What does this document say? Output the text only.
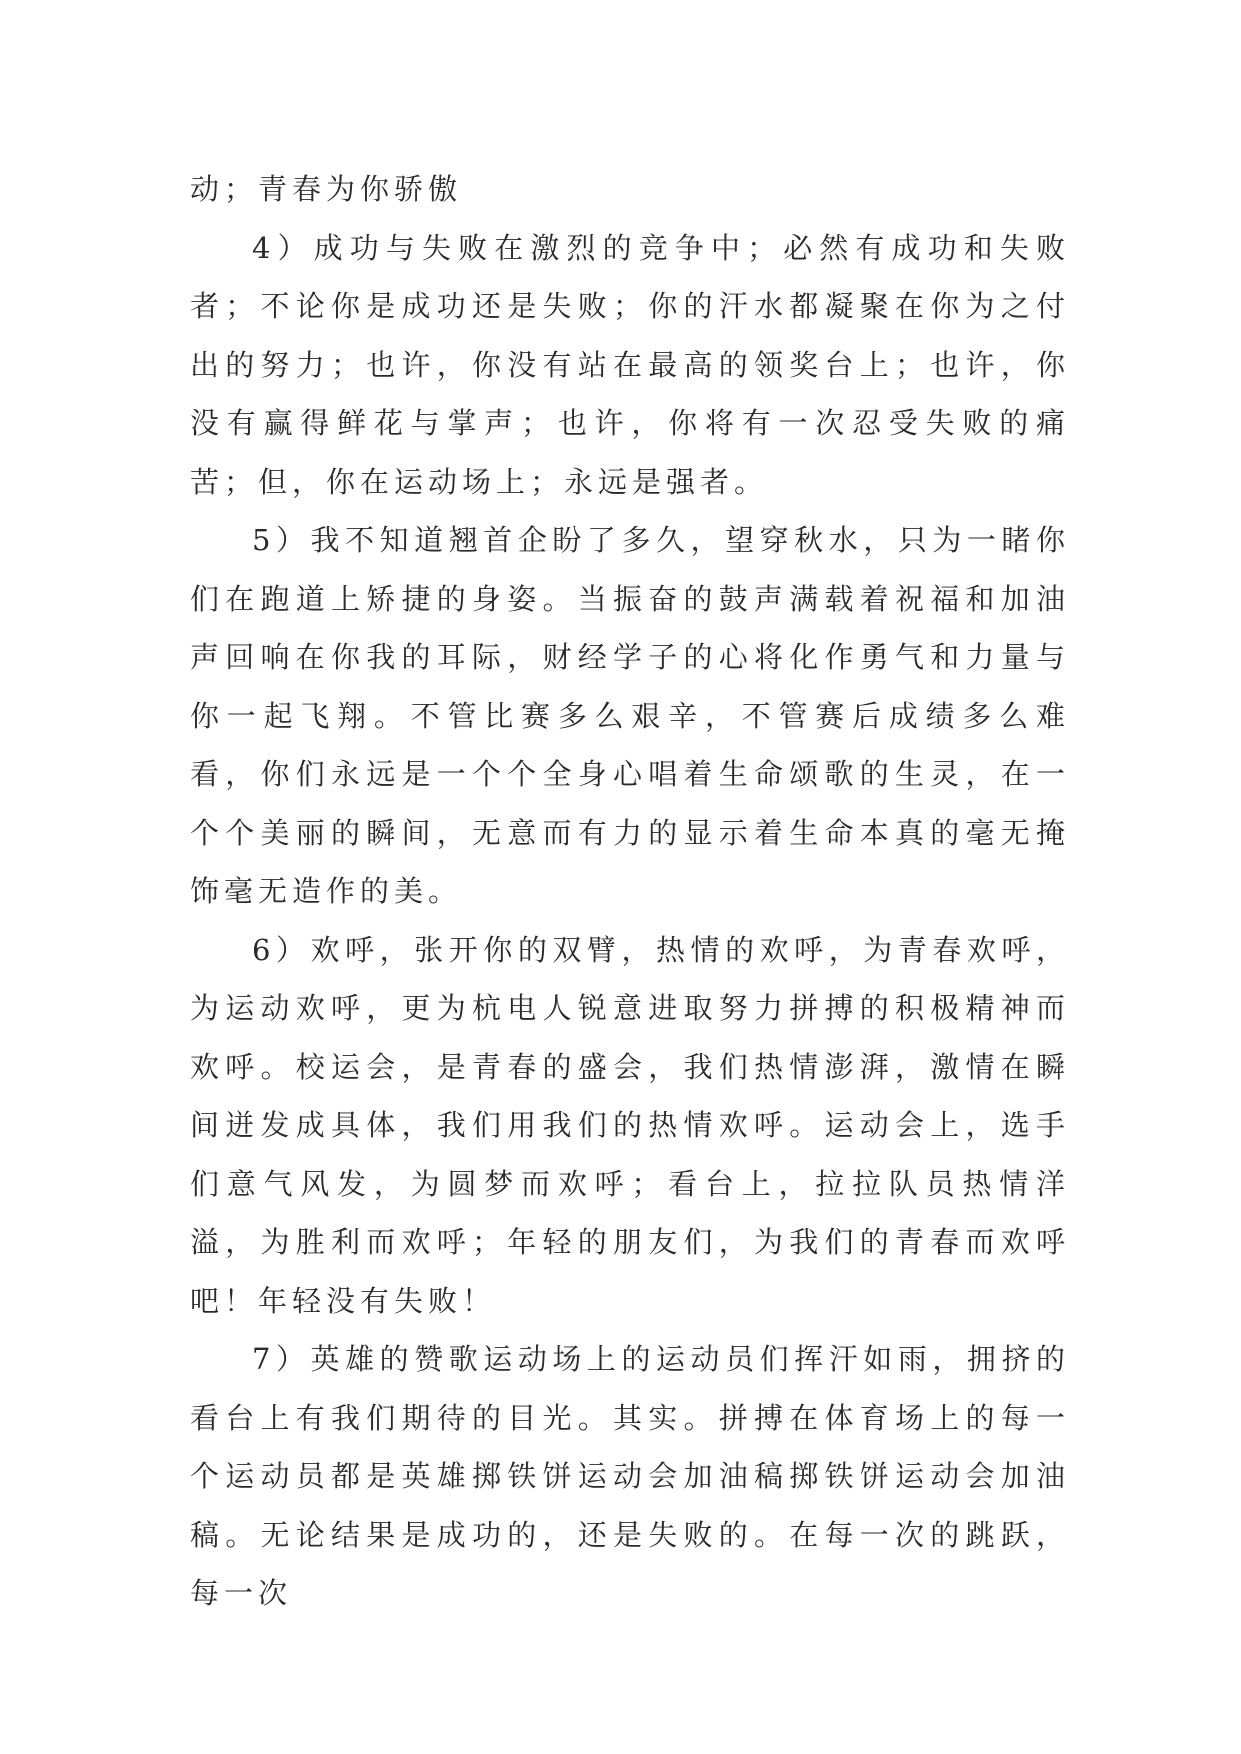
动；青春为你骄傲

4）成功与失败在激烈的竞争中；必然有成功和失败者；不论你是成功还是失败；你的汗水都凝聚在你为之付出的努力；也许，你没有站在最高的领奖台上；也许，你没有赢得鲜花与掌声；也许，你将有一次忍受失败的痛苦；但，你在运动场上；永远是强者。

5）我不知道翘首企盼了多久，望穿秋水，只为一睹你们在跑道上矫捷的身姿。当振奋的鼓声满载着祝福和加油声回响在你我的耳际，财经学子的心将化作勇气和力量与你一起飞翔。不管比赛多么艰辛，不管赛后成绩多么难看，你们永远是一个个全身心唱着生命颂歌的生灵，在一个个美丽的瞬间，无意而有力的显示着生命本真的毫无掩饰毫无造作的美。

6）欢呼，张开你的双臂，热情的欢呼，为青春欢呼，为运动欢呼，更为杭电人锐意进取努力拼搏的积极精神而欢呼。校运会，是青春的盛会，我们热情澎湃，激情在瞬间迸发成具体，我们用我们的热情欢呼。运动会上，选手们意气风发，为圆梦而欢呼；看台上，拉拉队员热情洋溢，为胜利而欢呼；年轻的朋友们，为我们的青春而欢呼吧！年轻没有失败！

7）英雄的赞歌运动场上的运动员们挥汗如雨，拥挤的看台上有我们期待的目光。其实。拼搏在体育场上的每一个运动员都是英雄掷铁饼运动会加油稿掷铁饼运动会加油稿。无论结果是成功的，还是失败的。在每一次的跳跃，每一次
